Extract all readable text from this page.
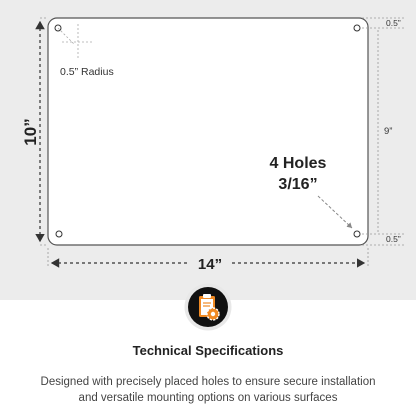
0.5” Radius
10”
14”
0.5”
9”
0.5”
4 Holes
3/16”
Technical Specifications
Designed with precisely placed holes to ensure secure installation
and versatile mounting options on various surfaces
